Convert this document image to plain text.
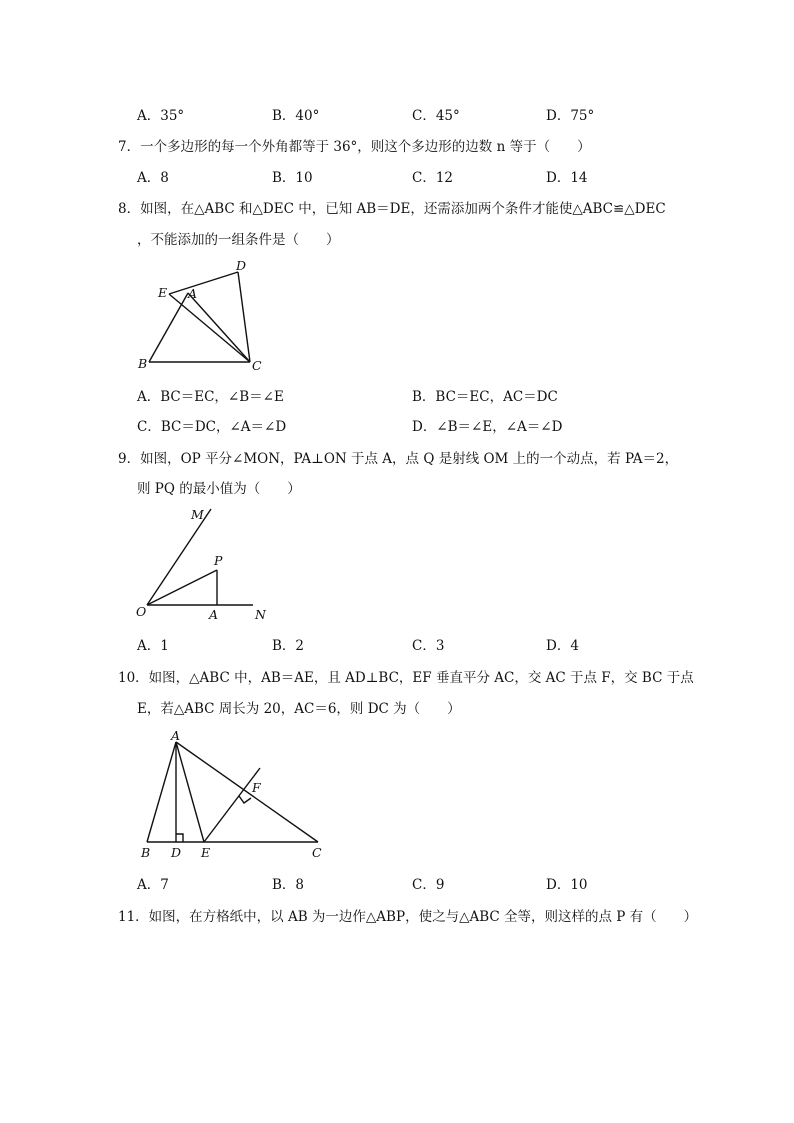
A．35°	B．40°	C．45°	D．75°
7．一个多边形的每一个外角都等于 36°，则这个多边形的边数 n 等于（　　）
A．8	B．10	C．12	D．14
8．如图，在△ABC 和△DEC 中，已知 AB＝DE，还需添加两个条件才能使△ABC≌△DEC
，不能添加的一组条件是（　　）
D
E A
B	C
A．BC＝EC，∠B＝∠E	B．BC＝EC，AC＝DC
C．BC＝DC，∠A＝∠D	D．∠B＝∠E，∠A＝∠D
9．如图，OP 平分∠MON，PA⊥ON 于点 A，点 Q 是射线 OM 上的一个动点，若 PA＝2，
则 PQ 的最小值为（　　）
M
P
O	A	N
A．1	B．2	C．3	D．4
10．如图，△ABC 中，AB＝AE，且 AD⊥BC，EF 垂直平分 AC，交 AC 于点 F，交 BC 于点
E，若△ABC 周长为 20，AC＝6，则 DC 为（　　）
A
F
B D E	C
A．7	B．8	C．9	D．10
11．如图，在方格纸中，以 AB 为一边作△ABP，使之与△ABC 全等，则这样的点 P 有（　　）
